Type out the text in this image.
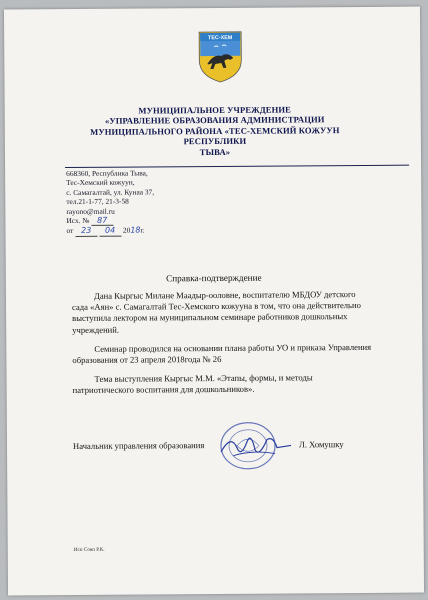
ТЕС-ХЕМ
МУНИЦИПАЛЬНОЕ УЧРЕЖДЕНИЕ
«УПРАВЛЕНИЕ ОБРАЗОВАНИЯ АДМИНИСТРАЦИИ
МУНИЦИПАЛЬНОГО РАЙОНА «ТЕС-ХЕМСКИЙ КОЖУУН РЕСПУБЛИКИ
ТЫВА»
668360, Республика Тыва,
Тес-Хемский кожуун,
с. Самагалтай, ул. Кунаа 37,
тел.21-1-77, 21-3-58
rayono@mail.ru
Исх. № 87
от 23 04 2018г.
Справка-подтверждение

Дана Кыргыс Милане Маадыр-ооловне, воспитателю МБДОУ детского сада «Аян» с. Самагалтай Тес-Хемского кожууна в том, что она действительно выступила лектором на муниципальном семинаре работников дошкольных учреждений.

Семинар проводился на основании плана работы УО и приказа Управления образования от 23 апреля 2018года № 26

Тема выступления Кыргыс М.М. «Этапы, формы, и методы патриотического воспитания для дошкольников».

Начальник управления образования	Л. Хомушку
Исп Сояп Р.К.
